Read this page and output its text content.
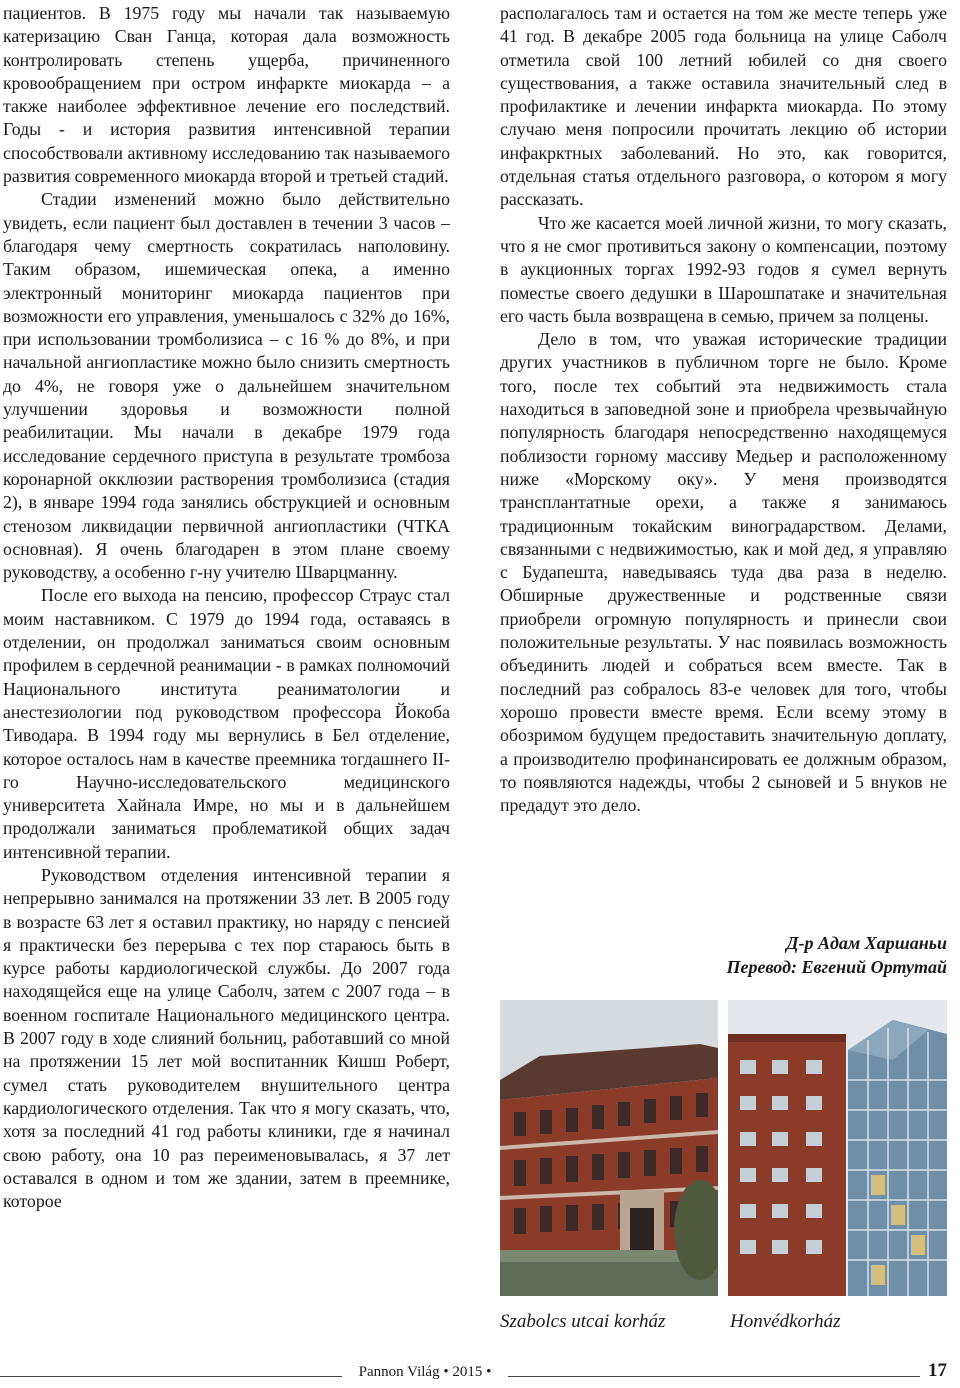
пациентов. В 1975 году мы начали так называемую катеризацию Сван Ганца, которая дала возможность контролировать степень ущерба, причиненного кровообращением при остром инфаркте миокарда – а также наиболее эффективное лечение его последствий. Годы - и история развития интенсивной терапии способствовали активному исследованию так называемого развития современного миокарда второй и третьей стадий.

Стадии изменений можно было действительно увидеть, если пациент был доставлен в течении 3 часов – благодаря чему смертность сократилась наполовину. Таким образом, ишемическая опека, а именно электронный мониторинг миокарда пациентов при возможности его управления, уменьшалось с 32% до 16%, при использовании тромболизиса – с 16 % до 8%, и при начальной ангиопластике можно было снизить смертность до 4%, не говоря уже о дальнейшем значительном улучшении здоровья и возможности полной реабилитации. Мы начали в декабре 1979 года исследование сердечного приступа в результате тромбоза коронарной окклюзии растворения тромболизиса (стадия 2), в январе 1994 года занялись обструкцией и основным стенозом ликвидации первичной ангиопластики (ЧТКА основная). Я очень благодарен в этом плане своему руководству, а особенно г-ну учителю Шварцманну.

После его выхода на пенсию, профессор Страус стал моим наставником. С 1979 до 1994 года, оставаясь в отделении, он продолжал заниматься своим основным профилем в сердечной реанимации - в рамках полномочий Национального института реаниматологии и анестезиологии под руководством профессора Йокоба Тиводара. В 1994 году мы вернулись в Бел отделение, которое осталось нам в качестве преемника тогдашнего II-го Научно-исследовательского медицинского университета Хайнала Имре, но мы и в дальнейшем продолжали заниматься проблематикой общих задач интенсивной терапии.

Руководством отделения интенсивной терапии я непрерывно занимался на протяжении 33 лет. В 2005 году в возрасте 63 лет я оставил практику, но наряду с пенсией я практически без перерыва с тех пор стараюсь быть в курсе работы кардиологической службы. До 2007 года находящейся еще на улице Саболч, затем с 2007 года – в военном госпитале Национального медицинского центра. В 2007 году в ходе слияний больниц, работавший со мной на протяжении 15 лет мой воспитанник Кишш Роберт, сумел стать руководителем внушительного центра кардиологического отделения. Так что я могу сказать, что, хотя за последний 41 год работы клиники, где я начинал свою работу, она 10 раз переименовывалась, я 37 лет оставался в одном и том же здании, затем в преемнике, которое

располагалось там и остается на том же месте теперь уже 41 год. В декабре 2005 года больница на улице Саболч отметила свой 100 летний юбилей со дня своего существования, а также оставила значительный след в профилактике и лечении инфаркта миокарда. По этому случаю меня попросили прочитать лекцию об истории инфакрктных заболеваний. Но это, как говорится, отдельная статья отдельного разговора, о котором я могу рассказать.

Что же касается моей личной жизни, то могу сказать, что я не смог противиться закону о компенсации, поэтому в аукционных торгах 1992-93 годов я сумел вернуть поместье своего дедушки в Шарошпатаке и значительная его часть была возвращена в семью, причем за полцены.

Дело в том, что уважая исторические традиции других участников в публичном торге не было. Кроме того, после тех событий эта недвижимость стала находиться в заповедной зоне и приобрела чрезвычайную популярность благодаря непосредственно находящемуся поблизости горному массиву Медьер и расположенному ниже «Морскому оку». У меня производятся трансплантатные орехи, а также я занимаюсь традиционным токайским виноградарством. Делами, связанными с недвижимостью, как и мой дед, я управляю с Будапешта, наведываясь туда два раза в неделю. Обширные дружественные и родственные связи приобрели огромную популярность и принесли свои положительные результаты. У нас появилась возможность объединить людей и собраться всем вместе. Так в последний раз собралось 83-е человек для того, чтобы хорошо провести вместе время. Если всему этому в обозримом будущем предоставить значительную доплату, а производителю профинансировать ее должным образом, то появляются надежды, чтобы 2 сыновей и 5 внуков не предадут это дело.

Д-р Адам Харшаньи
Перевод: Евгений Ортутай
Szabolcs utcai korház	Honvédkorház
Pannon Világ • 2015 •	17
